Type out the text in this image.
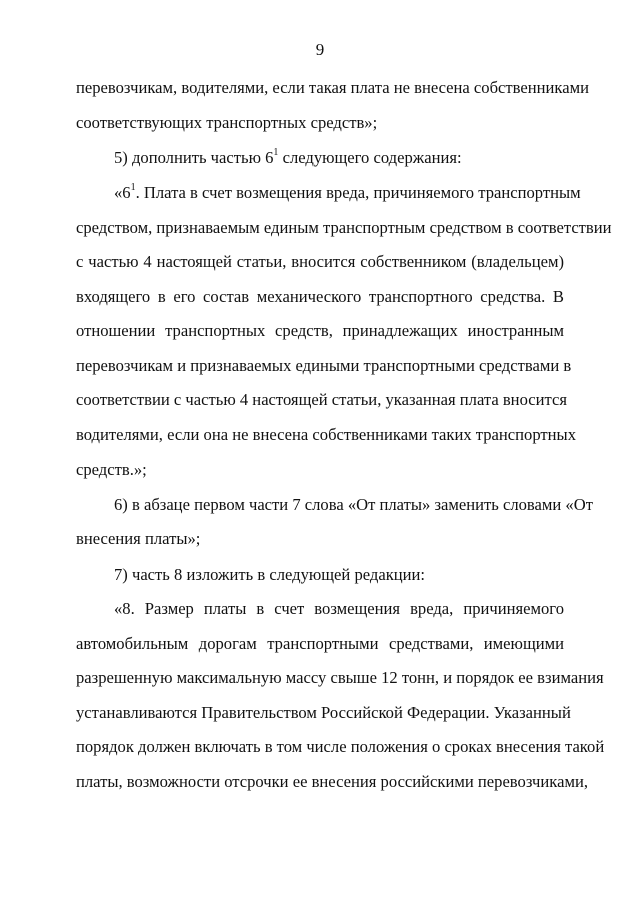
9
перевозчикам, водителями, если такая плата не внесена собственниками
соответствующих транспортных средств»;
5) дополнить частью $6^1$ следующего содержания:
«$6^1$. Плата в счет возмещения вреда, причиняемого транспортным
средством, признаваемым единым транспортным средством в соответствии
с частью 4 настоящей статьи, вносится собственником (владельцем)
входящего в его состав механического транспортного средства. В
отношении транспортных средств, принадлежащих иностранным
перевозчикам и признаваемых едиными транспортными средствами в
соответствии с частью 4 настоящей статьи, указанная плата вносится
водителями, если она не внесена собственниками таких транспортных
средств.»;
6) в абзаце первом части 7 слова «От платы» заменить словами «От
внесения платы»;
7) часть 8 изложить в следующей редакции:
«8. Размер платы в счет возмещения вреда, причиняемого
автомобильным дорогам транспортными средствами, имеющими
разрешенную максимальную массу свыше 12 тонн, и порядок ее взимания
устанавливаются Правительством Российской Федерации. Указанный
порядок должен включать в том числе положения о сроках внесения такой
платы, возможности отсрочки ее внесения российскими перевозчиками,
